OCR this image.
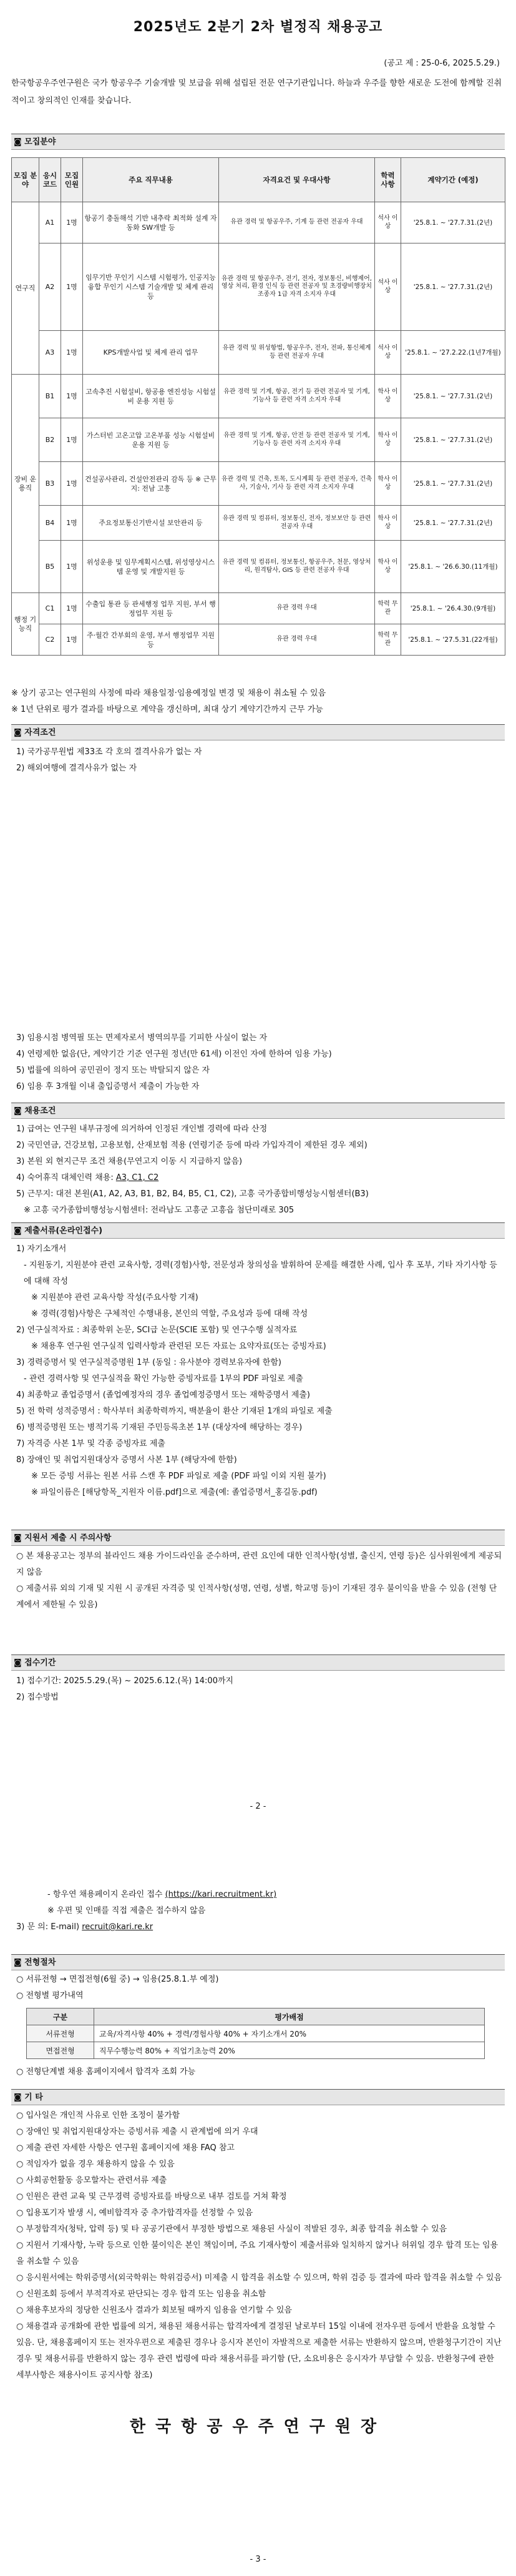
2025년도 2분기 2차 별정직 채용공고
(공고 제 : 25-0-6, 2025.5.29.)

한국항공우주연구원은 국가 항공우주 기술개발 및 보급을 위해 설립된 전문 연구기관입니다. 하늘과 우주를 향한 새로운 도전에 함께할 진취적이고 창의적인 인재를 찾습니다.

◙ 모집분야
모집 분야	응시 코드	모집 인원	주요 직무내용	자격요건 및 우대사항	학력 사항	계약기간 (예정)
연구직	A1	1명	항공기 충돌해석 기반 내추락 최적화 설계 자동화 SW개발 등	유관 경력 및 항공우주, 기계 등 관련 전공자 우대	석사 이상	'25.8.1. ~ '27.7.31.(2년)
	A2	1명	임무기반 무인기 시스템 시험평가, 인공지능 융합 무인기 시스템 기술개발 및 체계 관리 등	유관 경력 및 항공우주, 전기, 전자, 정보통신, 비행제어, 영상 처리, 환경 인식 등 관련 전공자 및 초경량비행장치 조종자 1급 자격 소지자 우대	석사 이상	'25.8.1. ~ '27.7.31.(2년)
	A3	1명	KPS개발사업 및 체계 관리 업무	유관 경력 및 위성항법, 항공우주, 전자, 전파, 통신체계 등 관련 전공자 우대	석사 이상	'25.8.1. ~ '27.2.22.(1년7개월)
장비 운용직	B1	1명	고속추진 시험설비, 항공용 엔진성능 시험설비 운용 지원 등	유관 경력 및 기계, 항공, 전기 등 관련 전공자 및 기계, 기능사 등 관련 자격 소지자 우대	학사 이상	'25.8.1. ~ '27.7.31.(2년)
	B2	1명	가스터빈 고온고압 고온부품 성능 시험설비 운용 지원 등	유관 경력 및 기계, 항공, 안전 등 관련 전공자 및 기계, 기능사 등 관련 자격 소지자 우대	학사 이상	'25.8.1. ~ '27.7.31.(2년)
	B3	1명	건설공사관리, 건설안전관리 감독 등 ※ 근무지: 전남 고흥	유관 경력 및 건축, 토목, 도시계획 등 관련 전공자, 건축사, 기술사, 기사 등 관련 자격 소지자 우대	학사 이상	'25.8.1. ~ '27.7.31.(2년)
	B4	1명	주요정보통신기반시설 보안관리 등	유관 경력 및 컴퓨터, 정보통신, 전자, 정보보안 등 관련 전공자 우대	학사 이상	'25.8.1. ~ '27.7.31.(2년)
	B5	1명	위성운용 및 임무계획시스템, 위성영상시스템 운영 및 개발지원 등	유관 경력 및 컴퓨터, 정보통신, 항공우주, 천문, 영상처리, 원격탐사, GIS 등 관련 전공자 우대	학사 이상	'25.8.1. ~ '26.6.30.(11개월)
행정 기능직	C1	1명	수출입 통관 등 관세행정 업무 지원, 부서 행정업무 지원 등	유관 경력 우대	학력 무관	'25.8.1. ~ '26.4.30.(9개월)
	C2	1명	주·월간 간부회의 운영, 부서 행정업무 지원 등	유관 경력 우대	학력 무관	'25.8.1. ~ '27.5.31.(22개월)

※ 상기 공고는 연구원의 사정에 따라 채용일정·임용예정일 변경 및 채용이 취소될 수 있음

※ 1년 단위로 평가 결과를 바탕으로 계약을 갱신하며, 최대 상기 계약기간까지 근무 가능

◙ 자격조건

1) 국가공무원법 제33조 각 호의 결격사유가 없는 자

2) 해외여행에 결격사유가 없는 자

3) 임용시점 병역필 또는 면제자로서 병역의무를 기피한 사실이 없는 자

4) 연령제한 없음(단, 계약기간 기준 연구원 정년(만 61세) 이전인 자에 한하여 임용 가능)

5) 법률에 의하여 공민권이 정지 또는 박탈되지 않은 자

6) 임용 후 3개월 이내 출입증명서 제출이 가능한 자

◙ 채용조건

1) 급여는 연구원 내부규정에 의거하여 인정된 개인별 경력에 따라 산정

2) 국민연금, 건강보험, 고용보험, 산재보험 적용 (연령기준 등에 따라 가입자격이 제한된 경우 제외)

3) 본원 외 현지근무 조건 채용(무연고지 이동 시 지급하지 않음)

4) 숙어휴직 대체인력 채용: A3, C1, C2

5) 근무지: 대전 본원(A1, A2, A3, B1, B2, B4, B5, C1, C2), 고흥 국가종합비행성능시험센터(B3)

※ 고흥 국가종합비행성능시험센터: 전라남도 고흥군 고흥읍 첨단미래로 305

◙ 제출서류(온라인접수)

1) 자기소개서

- 지원동기, 지원분야 관련 교육사항, 경력(경험)사항, 전문성과 창의성을 발휘하여 문제를 해결한 사례, 입사 후 포부, 기타 자기사항 등에 대해 작성

※ 지원분야 관련 교육사항 작성(주요사항 기재)

※ 경력(경험)사항은 구체적인 수행내용, 본인의 역할, 주요성과 등에 대해 작성

2) 연구실적자료 : 최종학위 논문, SCI급 논문(SCIE 포함) 및 연구수행 실적자료

※ 채용후 연구원 연구실적 입력사항과 관련된 모든 자료는 요약자료(또는 증빙자료)

3) 경력증명서 및 연구실적증명원 1부 (동일 : 유사분야 경력보유자에 한함)

- 관련 경력사항 및 연구실적을 확인 가능한 증빙자료를 1부의 PDF 파일로 제출

4) 최종학교 졸업증명서 (졸업예정자의 경우 졸업예정증명서 또는 재학증명서 제출)

5) 전 학력 성적증명서 : 학사부터 최종학력까지, 백분율이 환산 기재된 1개의 파일로 제출

6) 병적증명원 또는 병적기록 기재된 주민등록초본 1부 (대상자에 해당하는 경우)

7) 자격증 사본 1부 및 각종 증빙자료 제출

8) 장애인 및 취업지원대상자 증명서 사본 1부 (해당자에 한함)

※ 모든 증빙 서류는 원본 서류 스캔 후 PDF 파일로 제출 (PDF 파일 이외 지원 불가)

※ 파일이름은 [해당항목_지원자 이름.pdf]으로 제출(예: 졸업증명서_홍길동.pdf)

◙ 지원서 제출 시 주의사항

○ 본 채용공고는 정부의 블라인드 채용 가이드라인을 준수하며, 관련 요인에 대한 인적사항(성별, 출신지, 연령 등)은 심사위원에게 제공되지 않음

○ 제출서류 외의 기재 및 지원 시 공개된 자격증 및 인적사항(성명, 연령, 성별, 학교명 등)이 기재된 경우 불이익을 받을 수 있음 (전형 단계에서 제한될 수 있음)

◙ 접수기간

1) 접수기간: 2025.5.29.(목) ~ 2025.6.12.(목) 14:00까지

2) 접수방법

- 2 -

- 항우연 채용페이지 온라인 접수 (https://kari.recruitment.kr)

※ 우편 및 인매를 직접 제출은 접수하지 않음

3) 문 의: E-mail) recruit@kari.re.kr

◙ 전형절차

○ 서류전형 → 면접전형(6월 중) → 임용(25.8.1.부 예정)

○ 전형별 평가내역

구분	평가배점
서류전형	교육/자격사항 40% + 경력/경험사항 40% + 자기소개서 20%
면접전형	직무수행능력 80% + 직업기초능력 20%

○ 전형단계별 채용 홈페이지에서 합격자 조회 가능

◙ 기 타

○ 입사일은 개인적 사유로 인한 조정이 불가함

○ 장애인 및 취업지원대상자는 증빙서류 제출 시 관계법에 의거 우대

○ 제출 관련 자세한 사항은 연구원 홈페이지에 채용 FAQ 참고

○ 적임자가 없을 경우 채용하지 않을 수 있음

○ 사회공헌활동 응모할자는 관련서류 제출

○ 인원은 관련 교육 및 근무경력 증빙자료를 바탕으로 내부 검토를 거쳐 확정

○ 입용포기자 발생 시, 예비합격자 중 추가합격자를 선정할 수 있음

○ 부정합격자(청탁, 압력 등) 및 타 공공기관에서 부정한 방법으로 채용된 사실이 적발된 경우, 최종 합격을 취소할 수 있음

○ 지원서 기재사항, 누락 등으로 인한 불이익은 본인 책임이며, 주요 기재사항이 제출서류와 일치하지 않거나 허위일 경우 합격 또는 임용을 취소할 수 있음

○ 응시원서에는 학위증명서(외국학위는 학위검증서) 미제출 시 합격을 취소할 수 있으며, 학위 검증 등 결과에 따라 합격을 취소할 수 있음

○ 신원조회 등에서 부적격자로 판단되는 경우 합격 또는 임용을 취소함

○ 채용후보자의 정당한 신원조사 결과가 회보될 때까지 임용을 연기할 수 있음

○ 채용결과 공개화에 관한 법률에 의거, 채용된 채용서류는 합격자에게 결정된 날로부터 15일 이내에 전자우편 등에서 반환을 요청할 수 있음. 단, 채용홈페이지 또는 전자우편으로 제출된 경우나 응시자 본인이 자발적으로 제출한 서류는 반환하지 않으며, 반환청구기간이 지난 경우 및 채용서류를 반환하지 않는 경우 관련 법령에 따라 채용서류를 파기함 (단, 소요비용은 응시자가 부담할 수 있음. 반환청구에 관한 세부사항은 채용사이트 공지사항 참조)

한국항공우주연구원장
- 3 -
